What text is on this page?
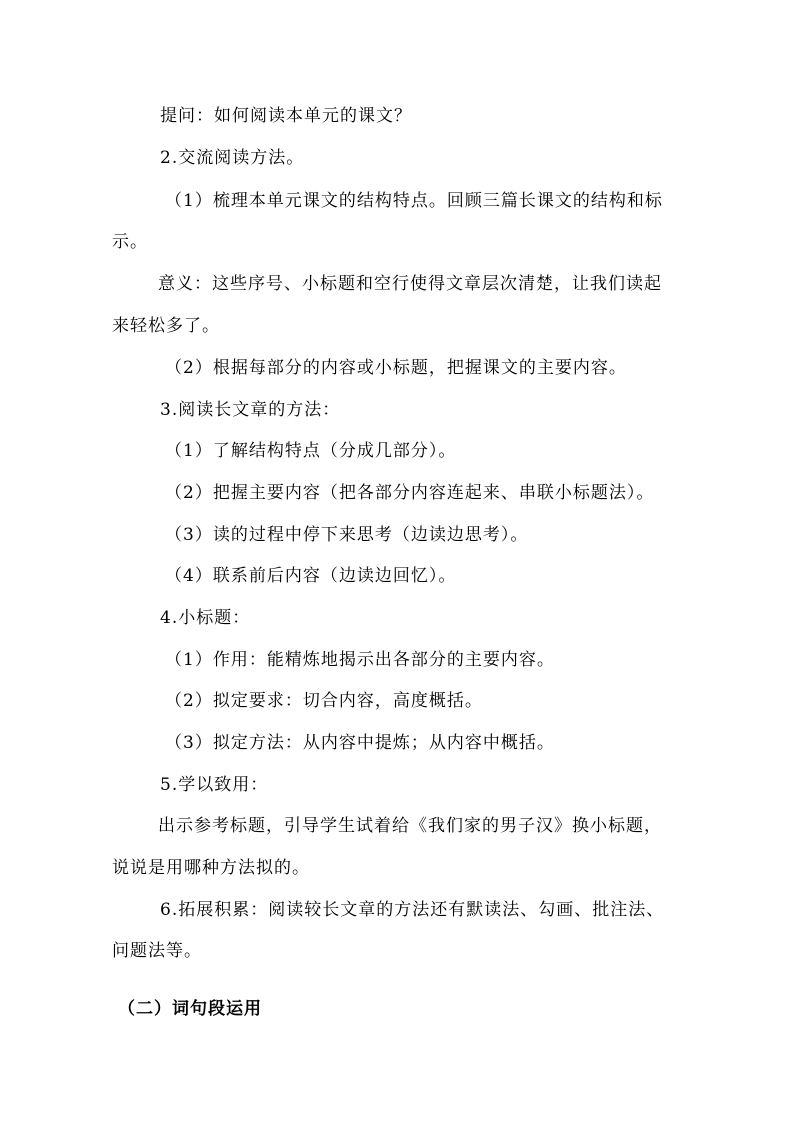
提问：如何阅读本单元的课文？
2.交流阅读方法。
（1）梳理本单元课文的结构特点。回顾三篇长课文的结构和标
示。
意义：这些序号、小标题和空行使得文章层次清楚，让我们读起
来轻松多了。
（2）根据每部分的内容或小标题，把握课文的主要内容。
3.阅读长文章的方法：
（1）了解结构特点（分成几部分）。
（2）把握主要内容（把各部分内容连起来、串联小标题法）。
（3）读的过程中停下来思考（边读边思考）。
（4）联系前后内容（边读边回忆）。
4.小标题：
（1）作用：能精炼地揭示出各部分的主要内容。
（2）拟定要求：切合内容，高度概括。
（3）拟定方法：从内容中提炼；从内容中概括。
5.学以致用：
出示参考标题，引导学生试着给《我们家的男子汉》换小标题，
说说是用哪种方法拟的。
6.拓展积累：阅读较长文章的方法还有默读法、勾画、批注法、
问题法等。
（二）词句段运用
